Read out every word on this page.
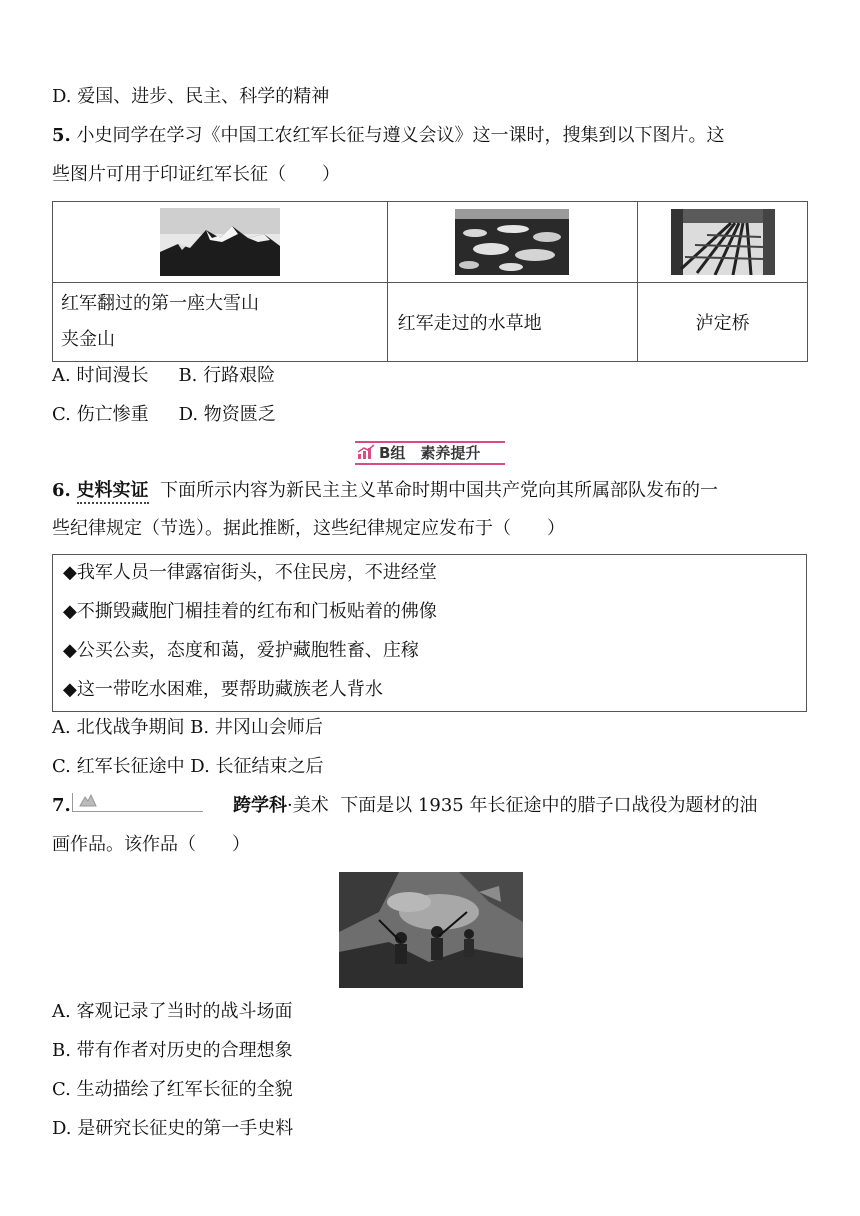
D. 爱国、进步、民主、科学的精神
5. 小史同学在学习《中国工农红军长征与遵义会议》这一课时，搜集到以下图片。这
些图片可用于印证红军长征（　　）

红军翻过的第一座大雪山
夹金山	红军走过的水草地	泸定桥
A. 时间漫长 B. 行路艰险
C. 伤亡惨重 D. 物资匮乏
B组　素养提升
6. 史料实证 下面所示内容为新民主主义革命时期中国共产党向其所属部队发布的一
些纪律规定（节选）。据此推断，这些纪律规定应发布于（　　）
◆我军人员一律露宿街头，不住民房，不进经堂
◆不撕毁藏胞门楣挂着的红布和门板贴着的佛像
◆公买公卖，态度和蔼，爱护藏胞牲畜、庄稼
◆这一带吃水困难，要帮助藏族老人背水
A. 北伐战争期间 B. 井冈山会师后
C. 红军长征途中 D. 长征结束之后
7.	跨学科·美术 下面是以 1935 年长征途中的腊子口战役为题材的油
画作品。该作品（　　）
A. 客观记录了当时的战斗场面
B. 带有作者对历史的合理想象
C. 生动描绘了红军长征的全貌
D. 是研究长征史的第一手史料
